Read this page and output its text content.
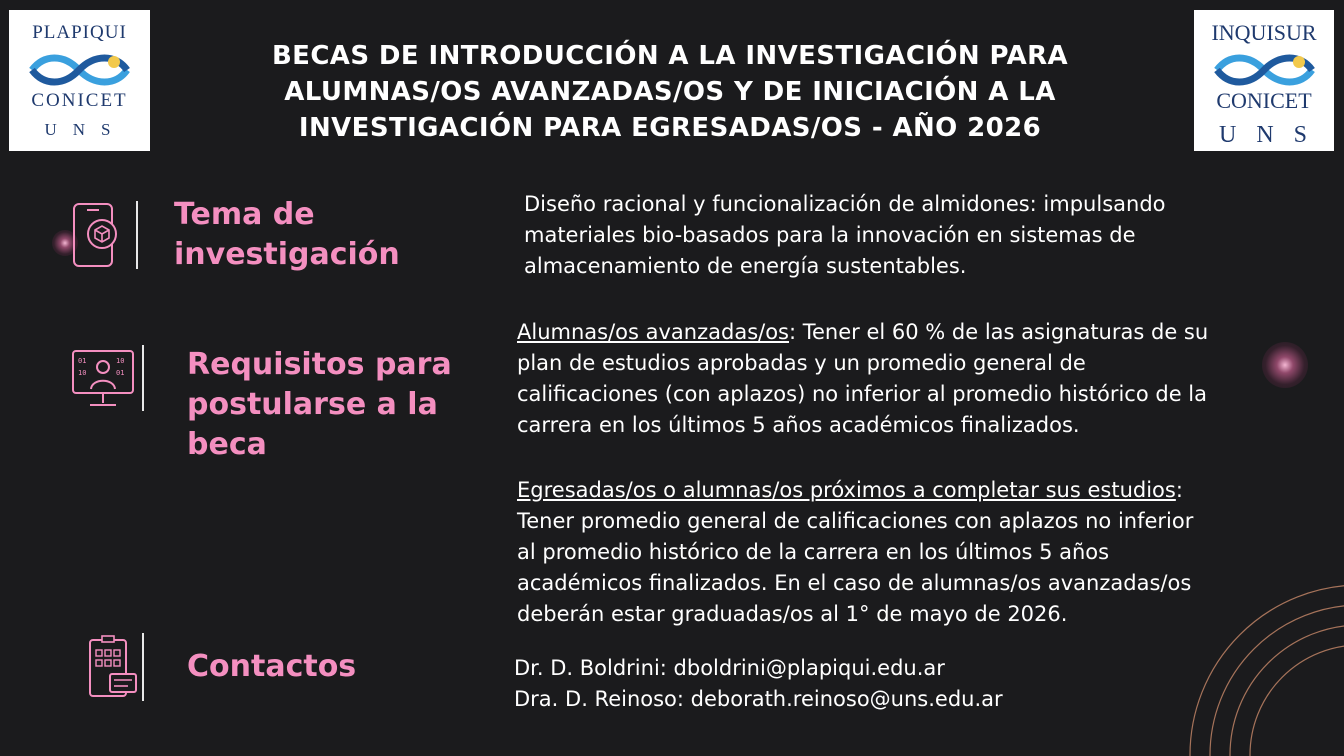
PLAPIQUI
CONICET
UNS
INQUISUR
CONICET
UNS
BECAS DE INTRODUCCIÓN A LA INVESTIGACIÓN PARA
ALUMNAS/OS AVANZADAS/OS Y DE INICIACIÓN A LA
INVESTIGACIÓN PARA EGRESADAS/OS - AÑO 2026
Tema de
investigación
Diseño racional y funcionalización de almidones: impulsando
materiales bio-basados para la innovación en sistemas de
almacenamiento de energía sustentables.
01	10
10	01 Requisitos para
postularse a la
beca
Alumnas/os avanzadas/os: Tener el 60 % de las asignaturas de su
plan de estudios aprobadas y un promedio general de
calificaciones (con aplazos) no inferior al promedio histórico de la
carrera en los últimos 5 años académicos finalizados.
Egresadas/os o alumnas/os próximos a completar sus estudios:
Tener promedio general de calificaciones con aplazos no inferior
al promedio histórico de la carrera en los últimos 5 años
académicos finalizados. En el caso de alumnas/os avanzadas/os
deberán estar graduadas/os al 1° de mayo de 2026.
Contactos	Dr. D. Boldrini: dboldrini@plapiqui.edu.ar
Dra. D. Reinoso: deborath.reinoso@uns.edu.ar
